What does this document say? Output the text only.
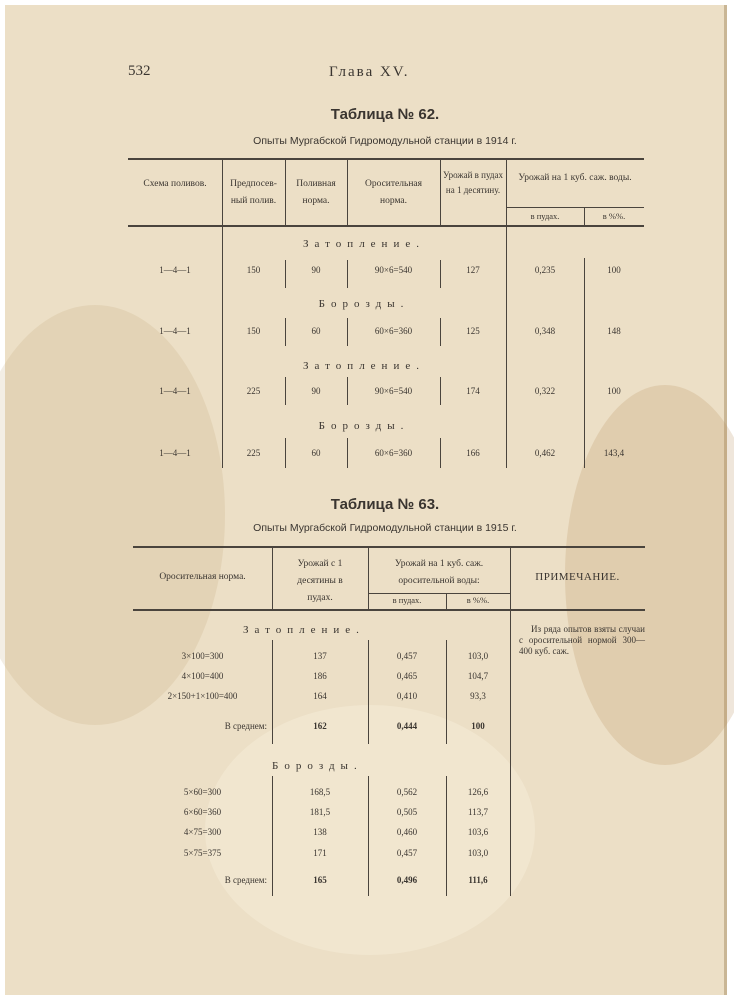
532	Глава XV.
Таблица № 62.
Опыты Мургабской Гидромодульной станции в 1914 г.
Схема поливов.	Предпосев-ный полив.
Поливная норма.
Оросительная норма.
Урожай в пудах на 1 десятину.
Урожай на 1 куб. саж. воды.
в пудах.	в %%.
Затопление.
1—4—1	150	90	90×6=540	127	0,235	100
Борозды.
1—4—1	150	60	60×6=360	125	0,348	148
Затопление.
1—4—1	225	90	90×6=540	174	0,322	100
Борозды.
1—4—1	225	60	60×6=360	166	0,462	143,4
Таблица № 63.
Опыты Мургабской Гидромодульной станции в 1915 г.
Оросительная норма.
Урожай с 1 десятины в пудах.
Урожай на 1 куб. саж. оросительной воды:
в пудах.	в %%.
ПРИМЕЧАНИЕ.
Из ряда опытов взяты случаи с оросительной нормой 300—400 куб. саж.
Затопление.
3×100=300	137	0,457	103,0
4×100=400	186	0,465	104,7
2×150+1×100=400	164	0,410	93,3
В среднем:	162	0,444	100
Борозды.
5×60=300	168,5	0,562	126,6
6×60=360	181,5	0,505	113,7
4×75=300	138	0,460	103,6
5×75=375	171	0,457	103,0
В среднем:	165	0,496	111,6
